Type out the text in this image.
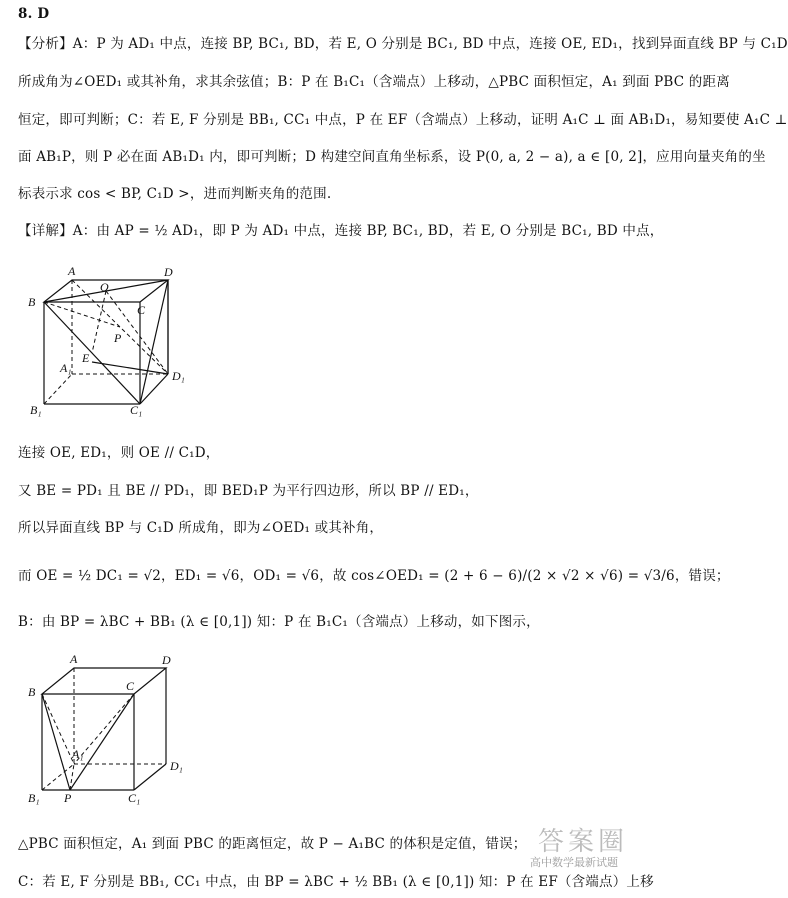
8. D
【分析】A：P 为 AD₁ 中点，连接 BP, BC₁, BD，若 E, O 分别是 BC₁, BD 中点，连接 OE, ED₁，找到异面直线 BP 与 C₁D
所成角为∠OED₁ 或其补角，求其余弦值；B：P 在 B₁C₁（含端点）上移动，△PBC 面积恒定，A₁ 到面 PBC 的距离
恒定，即可判断；C：若 E, F 分别是 BB₁, CC₁ 中点，P 在 EF（含端点）上移动，证明 A₁C ⊥ 面 AB₁D₁，易知要使 A₁C ⊥
面 AB₁P，则 P 必在面 AB₁D₁ 内，即可判断；D 构建空间直角坐标系，设 P(0, a, 2 − a), a ∈ [0, 2]，应用向量夹角的坐
标表示求 cos < BP, C₁D >，进而判断夹角的范围.
【详解】A：由 AP = ½ AD₁，即 P 为 AD₁ 中点，连接 BP, BC₁, BD，若 E, O 分别是 BC₁, BD 中点，
A	D
B
O
C
P
E
A₁
D₁
B₁	C₁
连接 OE, ED₁，则 OE // C₁D，
又 BE = PD₁ 且 BE // PD₁，即 BED₁P 为平行四边形，所以 BP // ED₁，
所以异面直线 BP 与 C₁D 所成角，即为∠OED₁ 或其补角，
而 OE = ½ DC₁ = √2，ED₁ = √6，OD₁ = √6，故 cos∠OED₁ = (2 + 6 − 6)/(2 × √2 × √6) = √3/6，错误；
B：由 BP = λBC + BB₁ (λ ∈ [0,1]) 知：P 在 B₁C₁（含端点）上移动，如下图示，
A	D
B	C
A₁
D₁
B₁ P	C₁
△PBC 面积恒定，A₁ 到面 PBC 的距离恒定，故 P − A₁BC 的体积是定值，错误；
C：若 E, F 分别是 BB₁, CC₁ 中点，由 BP = λBC + ½ BB₁ (λ ∈ [0,1]) 知：P 在 EF（含端点）上移
答案圈
高中数学最新试题
